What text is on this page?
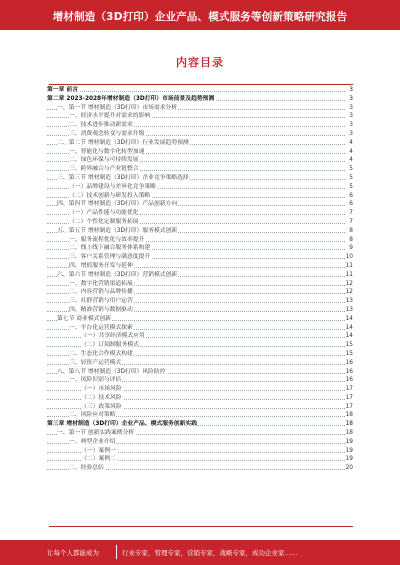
增材制造（3D打印）企业产品、模式服务等创新策略研究报告
内容目录
第一章 前言	3
第二章 2023-2028年增材制造（3D打印）市场前景及趋势预测	3
一、第一节 增材制造（3D打印）市场需求分析	3
一、经济水平提升对需求的影响	3
二、技术进步推动新需求	3
三、消费观念转变与需求升级	3
二、第二节 增材制造（3D打印）行业发展趋势预测	4
一、智能化与数字化转型加速	4
二、绿色环保与可持续发展	4
三、跨界融合与产业链整合	5
三、第三节 增材制造（3D打印）企业竞争策略选择	5
（一）品牌建设与差异化竞争策略	5
（二）技术创新与研发投入策略	6
四、第四节 增材制造（3D打印）产品创新方向	6
（一）产品性能与功能优化	7
（二）个性化定制服务拓展	7
五、第五节 增材制造（3D打印）服务模式创新	8
一、服务流程优化与效率提升	8
二、线上线下融合服务体系构建	9
三、客户关系管理与满意度提升	10
四、增值服务开发与延伸	11
六、第六节 增材制造（3D打印）营销模式创新	11
一、数字化营销渠道拓展	12
二、内容营销与品牌传播	12
三、社群营销与用户运营	13
四、精准营销与数据驱动	13
第七节 商业模式创新	14
一、平台化运营模式探索	14
（一）共享经济模式应用	14
（二）订阅制服务模式	15
二、生态化合作模式构建	15
三、轻资产运营模式	16
八、第八节 增材制造（3D打印）风险防控	16
一、风险识别与评估	16
（一）市场风险	17
（二）技术风险	17
（三）政策风险	17
二、风险应对策略	18
第三章 增材制造（3D打印）企业产品、模式服务创新实践	18
一、第一节 创新实践案例分析	18
一、典型企业介绍	19
（一）案例一	19
（二）案例二	19
二、经验总结	20
让每个人都能成为	行业专家，管理专家，营销专家，战略专家，成功企业家……
